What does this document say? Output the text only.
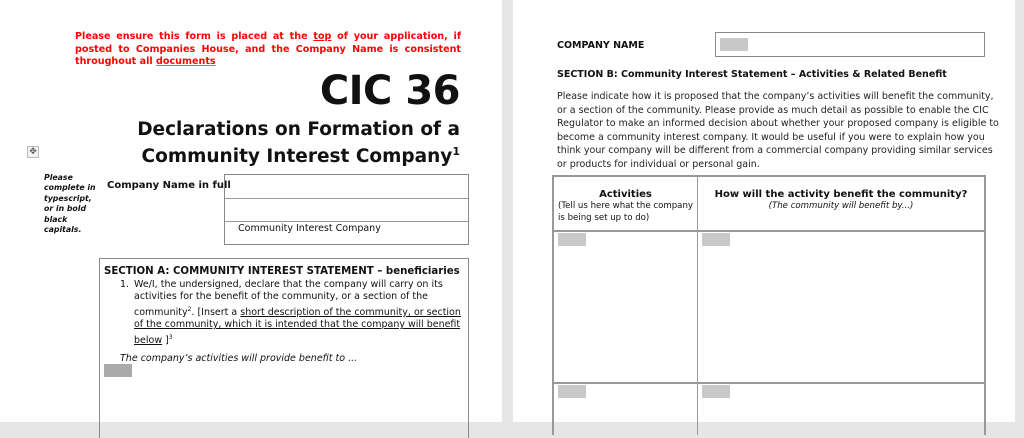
Please ensure this form is placed at the top of your application, if posted to Companies House, and the Company Name is consistent throughout all documents
CIC 36
Declarations on Formation of a
Community Interest Company$^1$
✥
Please complete in typescript, or in bold black capitals.
Company Name in full
Community Interest Company
SECTION A: COMMUNITY INTEREST STATEMENT – beneficiaries
1. We/I, the undersigned, declare that the company will carry on its activities for the benefit of the community, or a section of the community$^2$. [Insert a short description of the community, or section of the community, which it is intended that the company will benefit below ]$^3$
The company’s activities will provide benefit to ...
COMPANY NAME
SECTION B: Community Interest Statement – Activities & Related Benefit
Please indicate how it is proposed that the company’s activities will benefit the community, or a section of the community. Please provide as much detail as possible to enable the CIC Regulator to make an informed decision about whether your proposed company is eligible to become a community interest company. It would be useful if you were to explain how you think your company will be different from a commercial company providing similar services or products for individual or personal gain.
Activities
(Tell us here what the company is being set up to do)
How will the activity benefit the community?
(The community will benefit by...)
